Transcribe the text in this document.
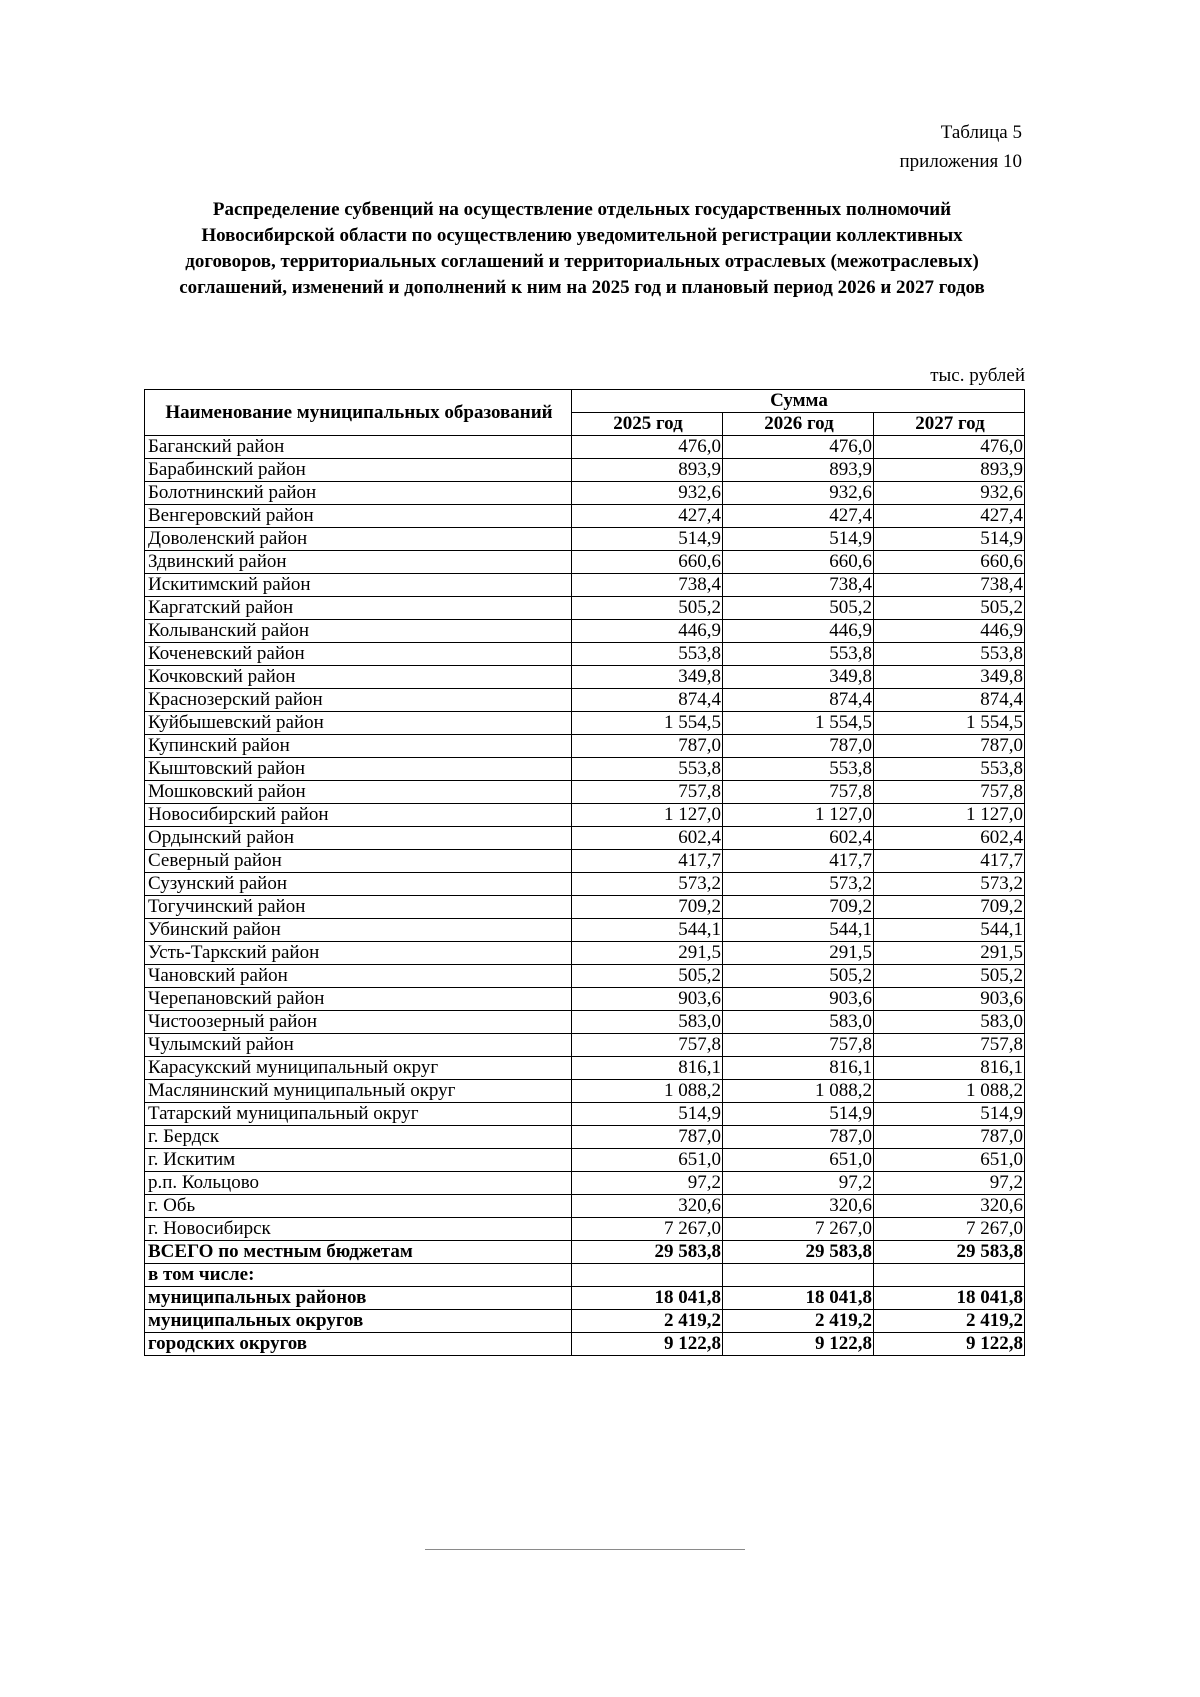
Таблица 5
приложения 10
Распределение субвенций на осуществление отдельных государственных полномочий
Новосибирской области по осуществлению уведомительной регистрации коллективных
договоров, территориальных соглашений и территориальных отраслевых (межотраслевых)
соглашений, изменений и дополнений к ним на 2025 год и плановый период 2026 и 2027 годов
тыс. рублей
Наименование муниципальных образований	Сумма		
	2025 год	2026 год	2027 год
Баганский район	476,0	476,0	476,0
Барабинский район	893,9	893,9	893,9
Болотнинский район	932,6	932,6	932,6
Венгеровский район	427,4	427,4	427,4
Доволенский район	514,9	514,9	514,9
Здвинский район	660,6	660,6	660,6
Искитимский район	738,4	738,4	738,4
Каргатский район	505,2	505,2	505,2
Колыванский район	446,9	446,9	446,9
Коченевский район	553,8	553,8	553,8
Кочковский район	349,8	349,8	349,8
Краснозерский район	874,4	874,4	874,4
Куйбышевский район	1 554,5	1 554,5	1 554,5
Купинский район	787,0	787,0	787,0
Кыштовский район	553,8	553,8	553,8
Мошковский район	757,8	757,8	757,8
Новосибирский район	1 127,0	1 127,0	1 127,0
Ордынский район	602,4	602,4	602,4
Северный район	417,7	417,7	417,7
Сузунский район	573,2	573,2	573,2
Тогучинский район	709,2	709,2	709,2
Убинский район	544,1	544,1	544,1
Усть-Таркский район	291,5	291,5	291,5
Чановский район	505,2	505,2	505,2
Черепановский район	903,6	903,6	903,6
Чистоозерный район	583,0	583,0	583,0
Чулымский район	757,8	757,8	757,8
Карасукский муниципальный округ	816,1	816,1	816,1
Маслянинский муниципальный округ	1 088,2	1 088,2	1 088,2
Татарский муниципальный округ	514,9	514,9	514,9
г. Бердск	787,0	787,0	787,0
г. Искитим	651,0	651,0	651,0
р.п. Кольцово	97,2	97,2	97,2
г. Обь	320,6	320,6	320,6
г. Новосибирск	7 267,0	7 267,0	7 267,0
ВСЕГО по местным бюджетам	29 583,8	29 583,8	29 583,8
в том числе:			
муниципальных районов	18 041,8	18 041,8	18 041,8
муниципальных округов	2 419,2	2 419,2	2 419,2
городских округов	9 122,8	9 122,8	9 122,8
